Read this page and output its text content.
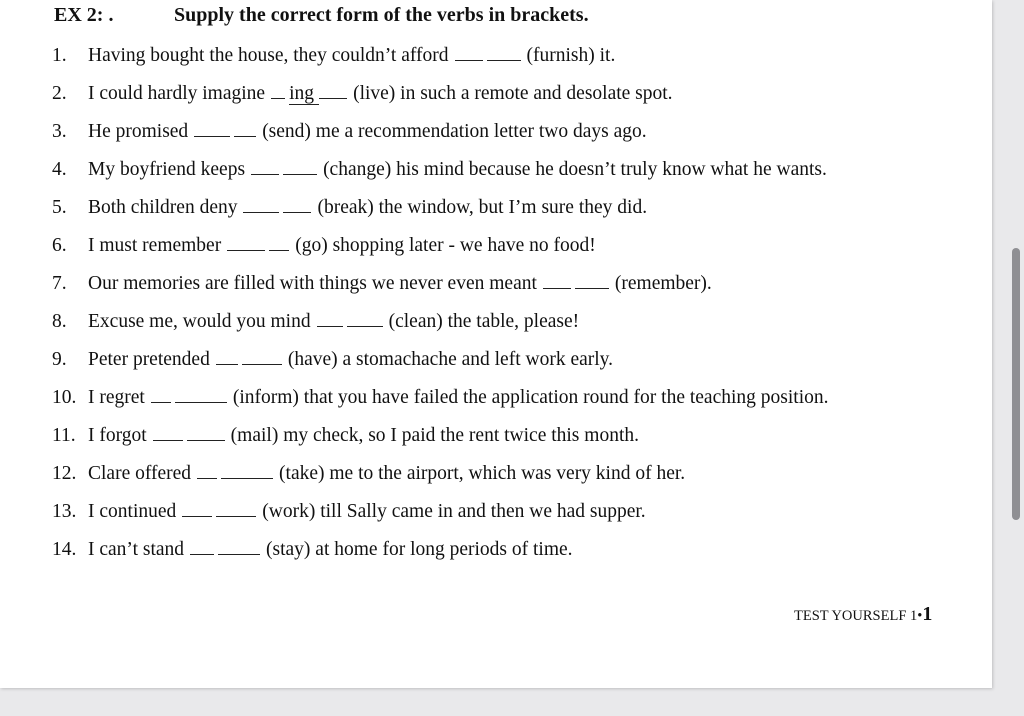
EX 2: .	Supply the correct form of the verbs in brackets.
1. Having bought the house, they couldn’t afford	(furnish) it.
2. I could hardly imagine ing (live) in such a remote and desolate spot.
3. He promised	(send) me a recommendation letter two days ago.
4. My boyfriend keeps	(change) his mind because he doesn’t truly know what he wants.
5. Both children deny	(break) the window, but I’m sure they did.
6. I must remember	(go) shopping later - we have no food!
7. Our memories are filled with things we never even meant	(remember).
8. Excuse me, would you mind	(clean) the table, please!
9. Peter pretended	(have) a stomachache and left work early.
10. I regret	(inform) that you have failed the application round for the teaching position.
11. I forgot	(mail) my check, so I paid the rent twice this month.
12. Clare offered	(take) me to the airport, which was very kind of her.
13. I continued	(work) till Sally came in and then we had supper.
14. I can’t stand	(stay) at home for long periods of time.
TEST YOURSELF 1•1
